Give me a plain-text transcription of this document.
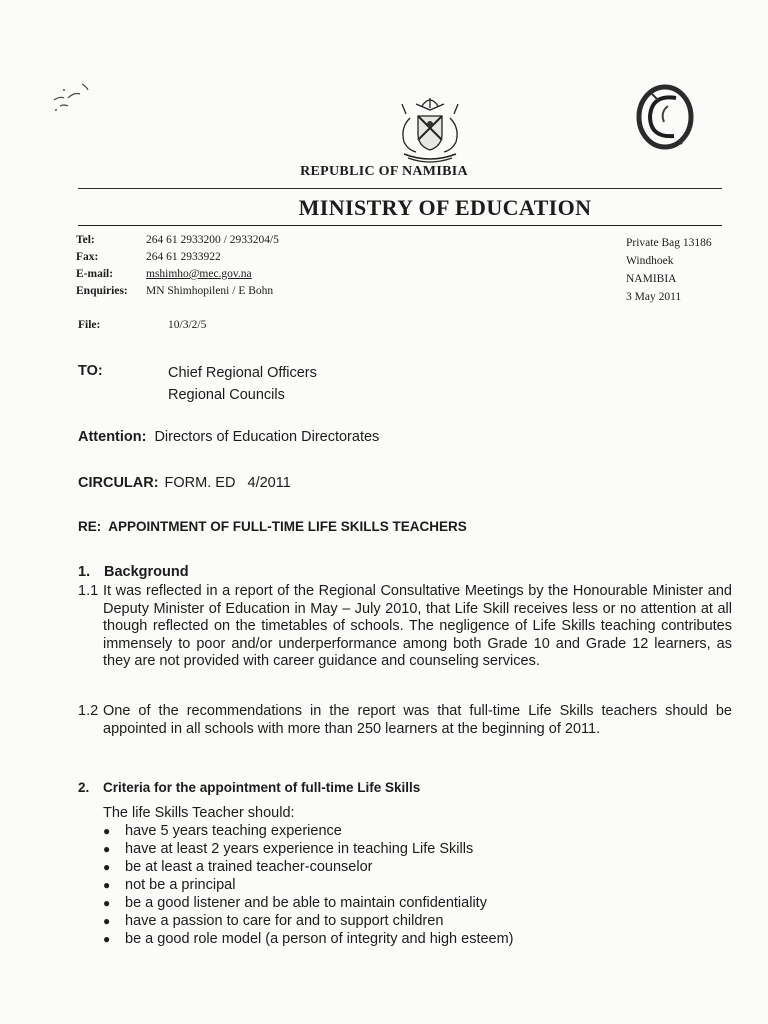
REPUBLIC OF NAMIBIA
MINISTRY OF EDUCATION
Tel:	264 61 2933200 / 2933204/5
Fax:	264 61 2933922
E-mail:	mshimho@mec.gov.na
Enquiries:	MN Shimhopileni / E Bohn
Private Bag 13186
Windhoek
NAMIBIA
3 May 2011
File:	10/3/2/5
TO:	Chief Regional Officers
Regional Councils
Attention: Directors of Education Directorates
CIRCULAR: FORM. ED   4/2011
RE:  APPOINTMENT OF FULL-TIME LIFE SKILLS TEACHERS
1. Background
1.1 It was reflected in a report of the Regional Consultative Meetings by the Honourable Minister and Deputy Minister of Education in May – July 2010, that Life Skill receives less or no attention at all though reflected on the timetables of schools. The negligence of Life Skills teaching contributes immensely to poor and/or underperformance among both Grade 10 and Grade 12 learners, as they are not provided with career guidance and counseling services.
1.2 One of the recommendations in the report was that full-time Life Skills teachers should be appointed in all schools with more than 250 learners at the beginning of 2011.
2. Criteria for the appointment of full-time Life Skills
The life Skills Teacher should:
●	have 5 years teaching experience
●	have at least 2 years experience in teaching Life Skills
●	be at least a trained teacher-counselor
●	not be a principal
●	be a good listener and be able to maintain confidentiality
●	have a passion to care for and to support children
●	be a good role model (a person of integrity and high esteem)
